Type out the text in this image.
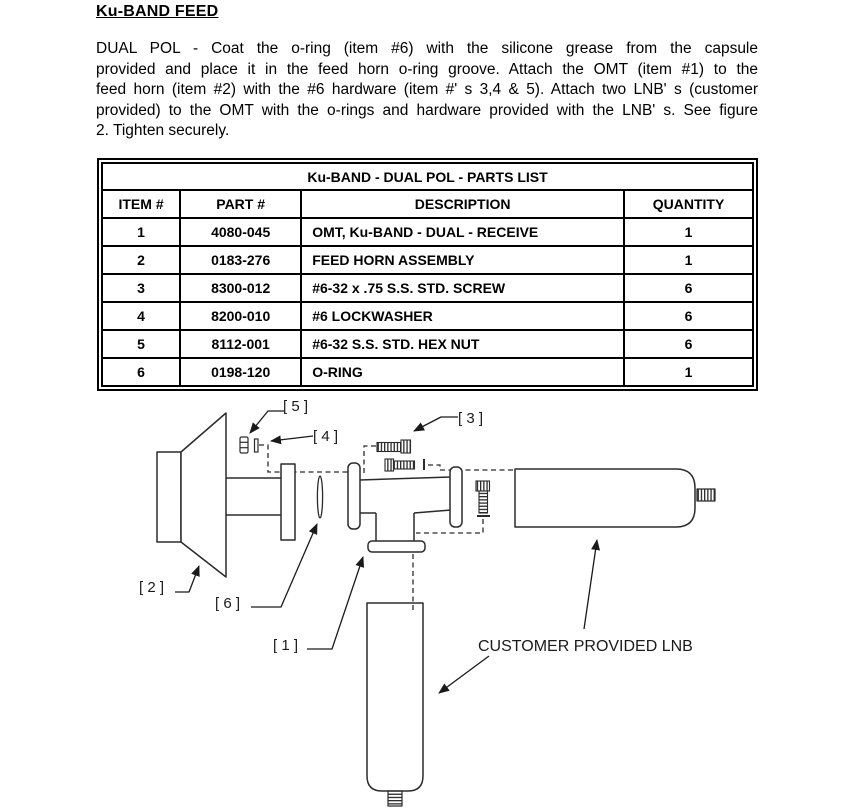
Ku-BAND FEED
DUAL POL - Coat the o-ring (item #6) with the silicone grease from the capsule
provided and place it in the feed horn o-ring groove. Attach the OMT (item #1) to the
feed horn (item #2) with the #6 hardware (item #' s 3,4 & 5). Attach two LNB' s (customer
provided) to the OMT with the o-rings and hardware provided with the LNB' s. See figure
2. Tighten securely.
Ku-BAND - DUAL POL - PARTS LIST			
ITEM #	PART #	DESCRIPTION	QUANTITY
1	4080-045	OMT, Ku-BAND - DUAL - RECEIVE	1
2	0183-276	FEED HORN ASSEMBLY	1
3	8300-012	#6-32 x .75 S.S. STD. SCREW	6
4	8200-010	#6 LOCKWASHER	6
5	8112-001	#6-32 S.S. STD. HEX NUT	6
6	0198-120	O-RING	1
[ 5 ]
[ 4 ]
[ 3 ]
[ 2 ]
[ 6 ]
[ 1 ]	CUSTOMER PROVIDED LNB
